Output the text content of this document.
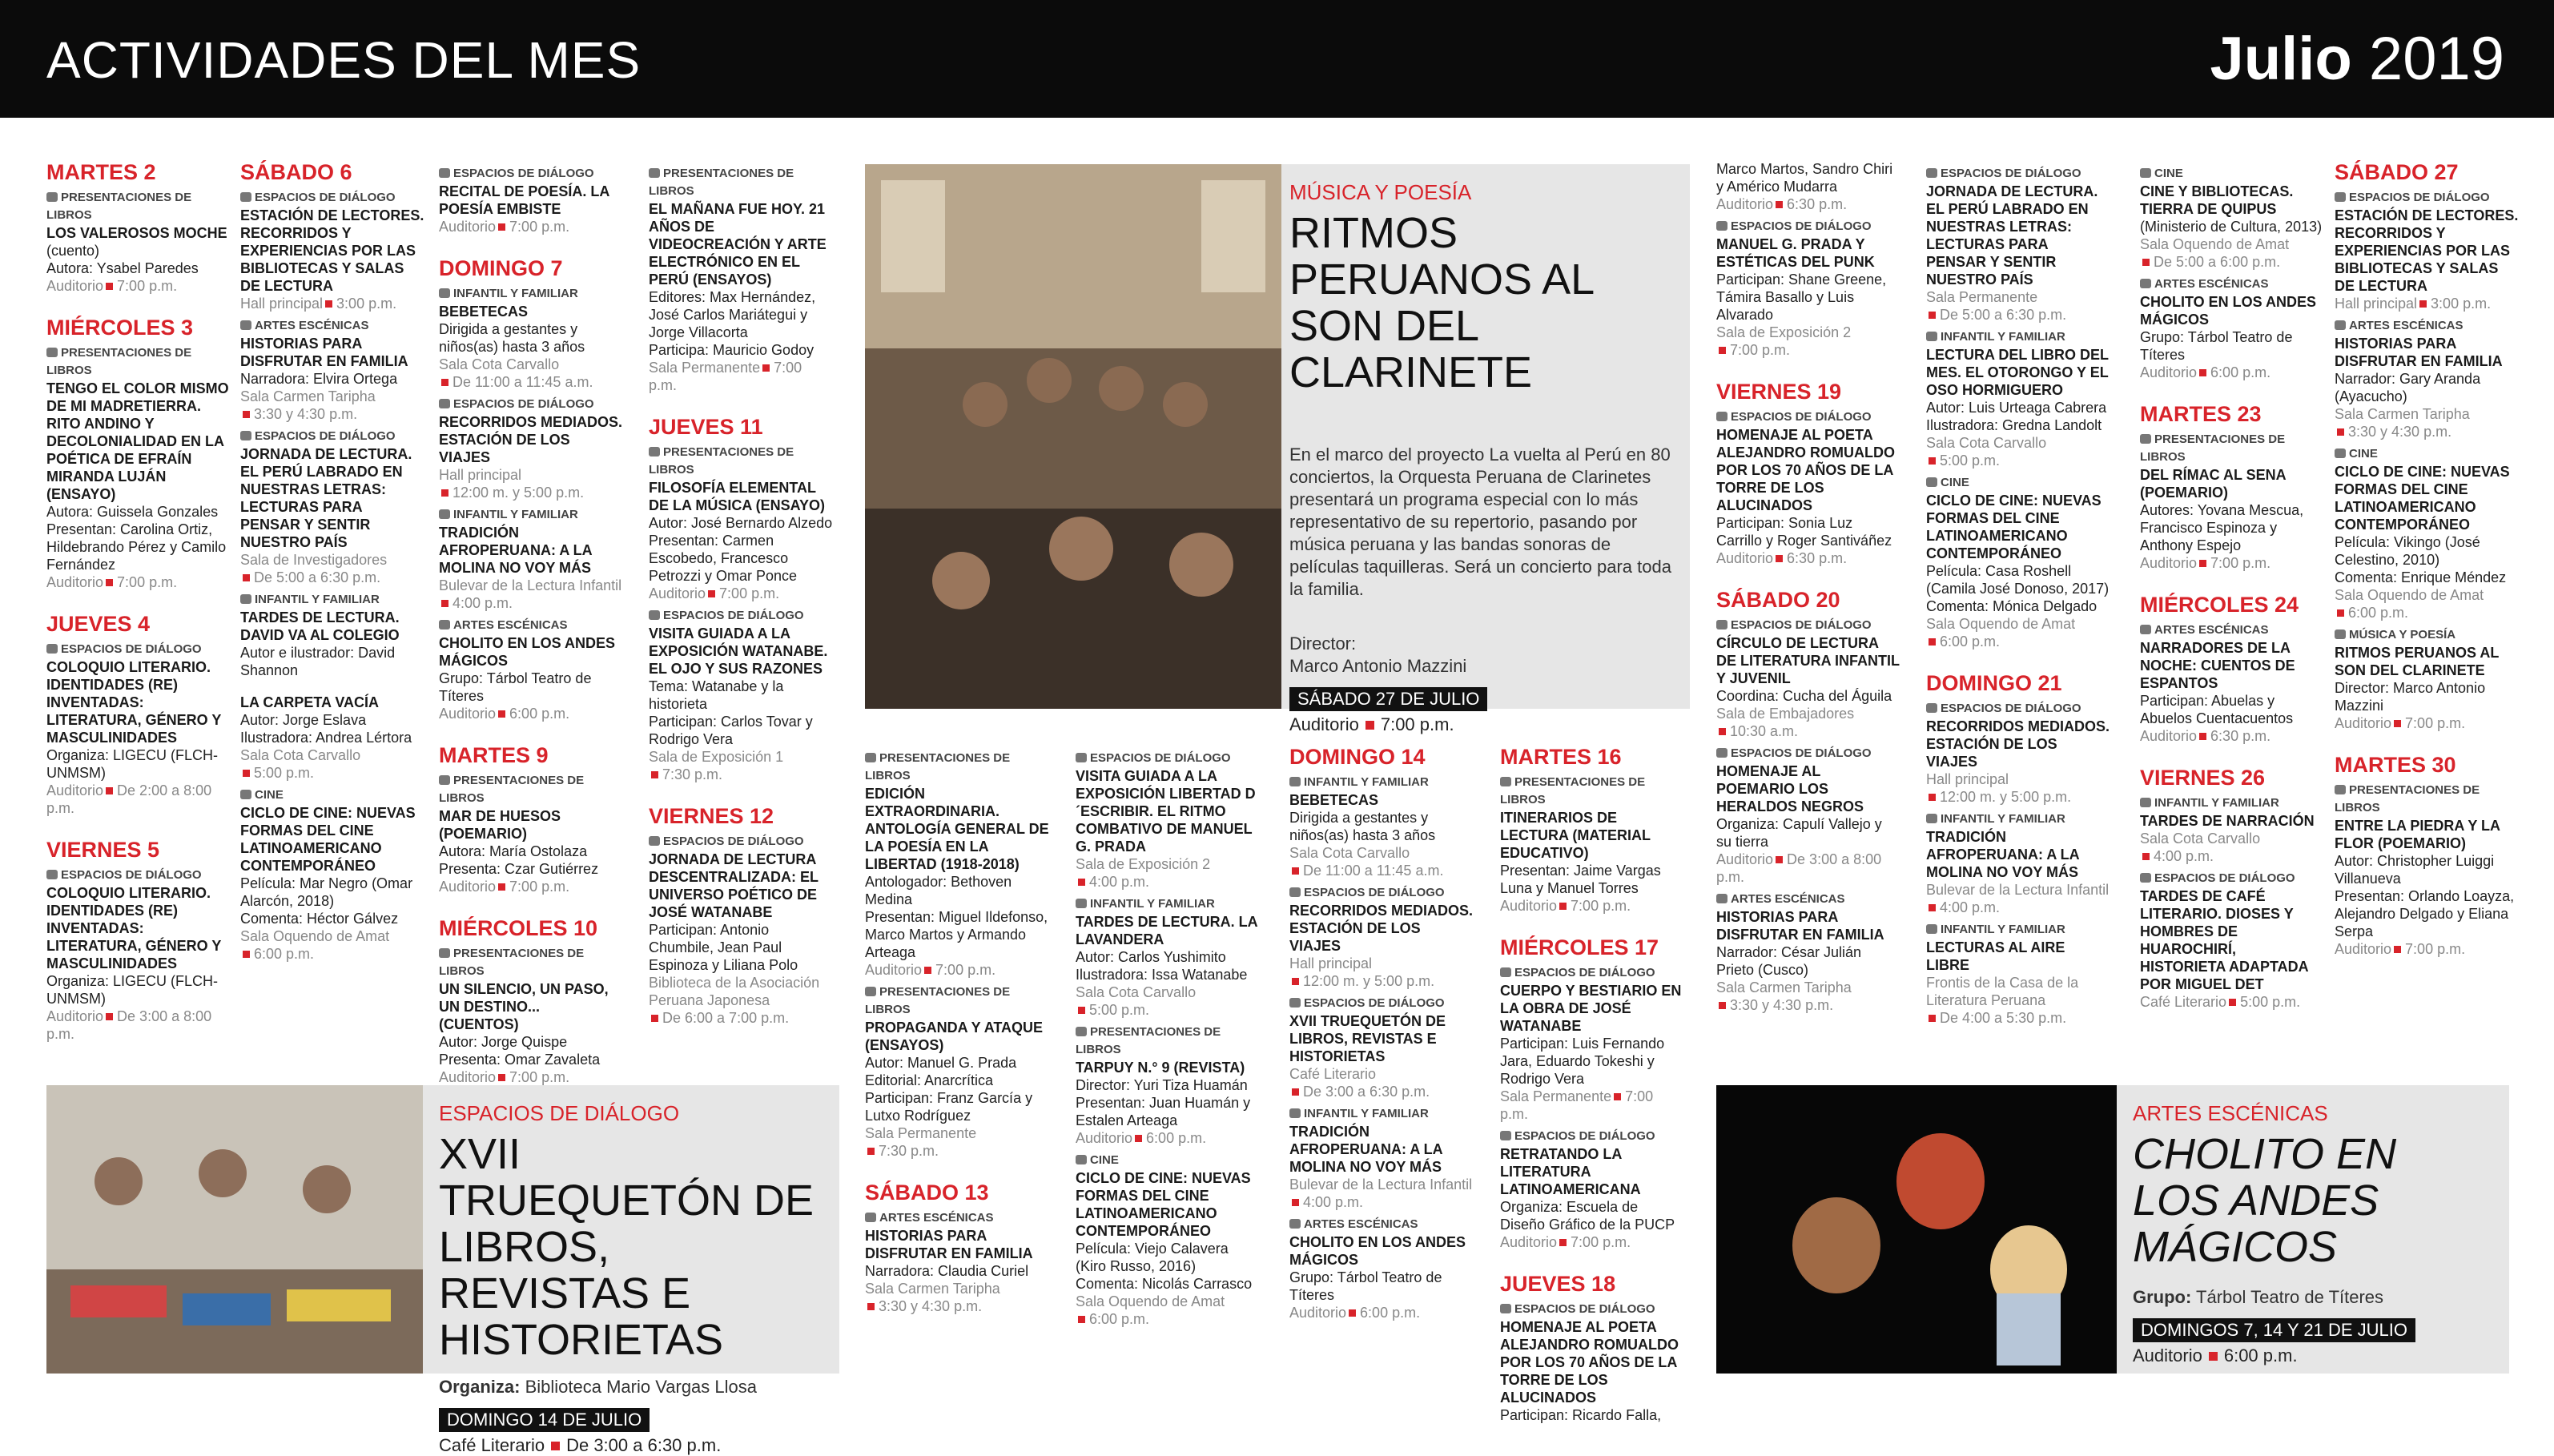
ACTIVIDADES DEL MES	Julio 2019
MARTES 2
PRESENTACIONES DE LIBROS
LOS VALEROSOS MOCHE
(cuento)
Autora: Ysabel Paredes
Auditorio 7:00 p.m.
MIÉRCOLES 3
PRESENTACIONES DE LIBROS
TENGO EL COLOR MISMO DE MI MADRETIERRA. RITO ANDINO Y DECOLONIALIDAD EN LA POÉTICA DE EFRAÍN MIRANDA LUJÁN (ENSAYO)
Autora: Guissela Gonzales
Presentan: Carolina Ortiz, Hildebrando Pérez y Camilo Fernández
Auditorio 7:00 p.m.
JUEVES 4
ESPACIOS DE DIÁLOGO
COLOQUIO LITERARIO. IDENTIDADES (RE) INVENTADAS: LITERATURA, GÉNERO Y MASCULINIDADES
Organiza: LIGECU (FLCH-UNMSM)
Auditorio De 2:00 a 8:00 p.m.
VIERNES 5
ESPACIOS DE DIÁLOGO
COLOQUIO LITERARIO. IDENTIDADES (RE) INVENTADAS: LITERATURA, GÉNERO Y MASCULINIDADES
Organiza: LIGECU (FLCH-UNMSM)
Auditorio De 3:00 a 8:00 p.m.
SÁBADO 6
ESPACIOS DE DIÁLOGO
ESTACIÓN DE LECTORES. RECORRIDOS Y EXPERIENCIAS POR LAS BIBLIOTECAS Y SALAS DE LECTURA
Hall principal 3:00 p.m.
ARTES ESCÉNICAS
HISTORIAS PARA DISFRUTAR EN FAMILIA
Narradora: Elvira Ortega
Sala Carmen Taripha
3:30 y 4:30 p.m.
ESPACIOS DE DIÁLOGO
JORNADA DE LECTURA. EL PERÚ LABRADO EN NUESTRAS LETRAS: LECTURAS PARA PENSAR Y SENTIR NUESTRO PAÍS
Sala de Investigadores
De 5:00 a 6:30 p.m.
INFANTIL Y FAMILIAR
TARDES DE LECTURA. DAVID VA AL COLEGIO
Autor e ilustrador: David Shannon
LA CARPETA VACÍA
Autor: Jorge Eslava
Ilustradora: Andrea Lértora
Sala Cota Carvallo
5:00 p.m.
CINE
CICLO DE CINE: NUEVAS FORMAS DEL CINE LATINOAMERICANO CONTEMPORÁNEO
Película: Mar Negro (Omar Alarcón, 2018)
Comenta: Héctor Gálvez
Sala Oquendo de Amat
6:00 p.m.
ESPACIOS DE DIÁLOGO
RECITAL DE POESÍA. LA POESÍA EMBISTE
Auditorio 7:00 p.m.
DOMINGO 7
INFANTIL Y FAMILIAR
BEBETECAS
Dirigida a gestantes y niños(as) hasta 3 años
Sala Cota Carvallo
De 11:00 a 11:45 a.m.
ESPACIOS DE DIÁLOGO
RECORRIDOS MEDIADOS. ESTACIÓN DE LOS VIAJES
Hall principal
12:00 m. y 5:00 p.m.
INFANTIL Y FAMILIAR
TRADICIÓN AFROPERUANA: A LA MOLINA NO VOY MÁS
Bulevar de la Lectura Infantil
4:00 p.m.
ARTES ESCÉNICAS
CHOLITO EN LOS ANDES MÁGICOS
Grupo: Tárbol Teatro de Títeres
Auditorio 6:00 p.m.
MARTES 9
PRESENTACIONES DE LIBROS
MAR DE HUESOS (POEMARIO)
Autora: María Ostolaza
Presenta: Czar Gutiérrez
Auditorio 7:00 p.m.
MIÉRCOLES 10
PRESENTACIONES DE LIBROS
UN SILENCIO, UN PASO, UN DESTINO... (CUENTOS)
Autor: Jorge Quispe
Presenta: Omar Zavaleta
Auditorio 7:00 p.m.
PRESENTACIONES DE LIBROS
EL MAÑANA FUE HOY. 21 AÑOS DE VIDEOCREACIÓN Y ARTE ELECTRÓNICO EN EL PERÚ (ENSAYOS)
Editores: Max Hernández, José Carlos Mariátegui y Jorge Villacorta
Participa: Mauricio Godoy
Sala Permanente 7:00 p.m.
JUEVES 11
PRESENTACIONES DE LIBROS
FILOSOFÍA ELEMENTAL DE LA MÚSICA (ENSAYO)
Autor: José Bernardo Alzedo
Presentan: Carmen Escobedo, Francesco Petrozzi y Omar Ponce
Auditorio 7:00 p.m.
ESPACIOS DE DIÁLOGO
VISITA GUIADA A LA EXPOSICIÓN WATANABE. EL OJO Y SUS RAZONES
Tema: Watanabe y la historieta
Participan: Carlos Tovar y Rodrigo Vera
Sala de Exposición 1
7:30 p.m.
VIERNES 12
ESPACIOS DE DIÁLOGO
JORNADA DE LECTURA DESCENTRALIZADA: EL UNIVERSO POÉTICO DE JOSÉ WATANABE
Participan: Antonio Chumbile, Jean Paul Espinoza y Liliana Polo
Biblioteca de la Asociación Peruana Japonesa
De 6:00 a 7:00 p.m.
PRESENTACIONES DE LIBROS
EDICIÓN EXTRAORDINARIA. ANTOLOGÍA GENERAL DE LA POESÍA EN LA LIBERTAD (1918-2018)
Antologador: Bethoven Medina
Presentan: Miguel Ildefonso, Marco Martos y Armando Arteaga
Auditorio 7:00 p.m.
PRESENTACIONES DE LIBROS
PROPAGANDA Y ATAQUE (ENSAYOS)
Autor: Manuel G. Prada
Editorial: Anarcrítica
Participan: Franz García y Lutxo Rodríguez
Sala Permanente
7:30 p.m.
SÁBADO 13
ARTES ESCÉNICAS
HISTORIAS PARA DISFRUTAR EN FAMILIA
Narradora: Claudia Curiel
Sala Carmen Taripha
3:30 y 4:30 p.m.
ESPACIOS DE DIÁLOGO
VISITA GUIADA A LA EXPOSICIÓN LIBERTAD D´ESCRIBIR. EL RITMO COMBATIVO DE MANUEL G. PRADA
Sala de Exposición 2
4:00 p.m.
INFANTIL Y FAMILIAR
TARDES DE LECTURA. LA LAVANDERA
Autor: Carlos Yushimito
Ilustradora: Issa Watanabe
Sala Cota Carvallo
5:00 p.m.
PRESENTACIONES DE LIBROS
TARPUY N.° 9 (REVISTA)
Director: Yuri Tiza Huamán
Presentan: Juan Huamán y Estalen Arteaga
Auditorio 6:00 p.m.
CINE
CICLO DE CINE: NUEVAS FORMAS DEL CINE LATINOAMERICANO CONTEMPORÁNEO
Película: Viejo Calavera (Kiro Russo, 2016)
Comenta: Nicolás Carrasco
Sala Oquendo de Amat
6:00 p.m.
DOMINGO 14
INFANTIL Y FAMILIAR
BEBETECAS
Dirigida a gestantes y niños(as) hasta 3 años
Sala Cota Carvallo
De 11:00 a 11:45 a.m.
ESPACIOS DE DIÁLOGO
RECORRIDOS MEDIADOS. ESTACIÓN DE LOS VIAJES
Hall principal
12:00 m. y 5:00 p.m.
ESPACIOS DE DIÁLOGO
XVII TRUEQUETÓN DE LIBROS, REVISTAS E HISTORIETAS
Café Literario
De 3:00 a 6:30 p.m.
INFANTIL Y FAMILIAR
TRADICIÓN AFROPERUANA: A LA MOLINA NO VOY MÁS
Bulevar de la Lectura Infantil
4:00 p.m.
ARTES ESCÉNICAS
CHOLITO EN LOS ANDES MÁGICOS
Grupo: Tárbol Teatro de Títeres
Auditorio 6:00 p.m.
MARTES 16
PRESENTACIONES DE LIBROS
ITINERARIOS DE LECTURA (MATERIAL EDUCATIVO)
Presentan: Jaime Vargas Luna y Manuel Torres
Auditorio 7:00 p.m.
MIÉRCOLES 17
ESPACIOS DE DIÁLOGO
CUERPO Y BESTIARIO EN LA OBRA DE JOSÉ WATANABE
Participan: Luis Fernando Jara, Eduardo Tokeshi y Rodrigo Vera
Sala Permanente 7:00 p.m.
ESPACIOS DE DIÁLOGO
RETRATANDO LA LITERATURA LATINOAMERICANA
Organiza: Escuela de Diseño Gráfico de la PUCP
Auditorio 7:00 p.m.
JUEVES 18
ESPACIOS DE DIÁLOGO
HOMENAJE AL POETA ALEJANDRO ROMUALDO POR LOS 70 AÑOS DE LA TORRE DE LOS ALUCINADOS
Participan: Ricardo Falla,
Marco Martos, Sandro Chiri y Américo Mudarra
Auditorio 6:30 p.m.
ESPACIOS DE DIÁLOGO
MANUEL G. PRADA Y ESTÉTICAS DEL PUNK
Participan: Shane Greene, Támira Basallo y Luis Alvarado
Sala de Exposición 2
7:00 p.m.
VIERNES 19
ESPACIOS DE DIÁLOGO
HOMENAJE AL POETA ALEJANDRO ROMUALDO POR LOS 70 AÑOS DE LA TORRE DE LOS ALUCINADOS
Participan: Sonia Luz Carrillo y Roger Santiváñez
Auditorio 6:30 p.m.
SÁBADO 20
ESPACIOS DE DIÁLOGO
CÍRCULO DE LECTURA DE LITERATURA INFANTIL Y JUVENIL
Coordina: Cucha del Águila
Sala de Embajadores
10:30 a.m.
ESPACIOS DE DIÁLOGO
HOMENAJE AL POEMARIO LOS HERALDOS NEGROS
Organiza: Capulí Vallejo y su tierra
Auditorio De 3:00 a 8:00 p.m.
ARTES ESCÉNICAS
HISTORIAS PARA DISFRUTAR EN FAMILIA
Narrador: César Julián Prieto (Cusco)
Sala Carmen Taripha
3:30 y 4:30 p.m.
ESPACIOS DE DIÁLOGO
JORNADA DE LECTURA. EL PERÚ LABRADO EN NUESTRAS LETRAS: LECTURAS PARA PENSAR Y SENTIR NUESTRO PAÍS
Sala Permanente
De 5:00 a 6:30 p.m.
INFANTIL Y FAMILIAR
LECTURA DEL LIBRO DEL MES. EL OTORONGO Y EL OSO HORMIGUERO
Autor: Luis Urteaga Cabrera
Ilustradora: Gredna Landolt
Sala Cota Carvallo
5:00 p.m.
CINE
CICLO DE CINE: NUEVAS FORMAS DEL CINE LATINOAMERICANO CONTEMPORÁNEO
Película: Casa Roshell (Camila José Donoso, 2017)
Comenta: Mónica Delgado
Sala Oquendo de Amat
6:00 p.m.
DOMINGO 21
ESPACIOS DE DIÁLOGO
RECORRIDOS MEDIADOS. ESTACIÓN DE LOS VIAJES
Hall principal
12:00 m. y 5:00 p.m.
INFANTIL Y FAMILIAR
TRADICIÓN AFROPERUANA: A LA MOLINA NO VOY MÁS
Bulevar de la Lectura Infantil
4:00 p.m.
INFANTIL Y FAMILIAR
LECTURAS AL AIRE LIBRE
Frontis de la Casa de la Literatura Peruana
De 4:00 a 5:30 p.m.
CINE
CINE Y BIBLIOTECAS. TIERRA DE QUIPUS
(Ministerio de Cultura, 2013)
Sala Oquendo de Amat
De 5:00 a 6:00 p.m.
ARTES ESCÉNICAS
CHOLITO EN LOS ANDES MÁGICOS
Grupo: Tárbol Teatro de Títeres
Auditorio 6:00 p.m.
MARTES 23
PRESENTACIONES DE LIBROS
DEL RÍMAC AL SENA (POEMARIO)
Autores: Yovana Mescua, Francisco Espinoza y Anthony Espejo
Auditorio 7:00 p.m.
MIÉRCOLES 24
ARTES ESCÉNICAS
NARRADORES DE LA NOCHE: CUENTOS DE ESPANTOS
Participan: Abuelas y Abuelos Cuentacuentos
Auditorio 6:30 p.m.
VIERNES 26
INFANTIL Y FAMILIAR
TARDES DE NARRACIÓN
Sala Cota Carvallo
4:00 p.m.
ESPACIOS DE DIÁLOGO
TARDES DE CAFÉ LITERARIO. DIOSES Y HOMBRES DE HUAROCHIRÍ, HISTORIETA ADAPTADA POR MIGUEL DET
Café Literario 5:00 p.m.
SÁBADO 27
ESPACIOS DE DIÁLOGO
ESTACIÓN DE LECTORES. RECORRIDOS Y EXPERIENCIAS POR LAS BIBLIOTECAS Y SALAS DE LECTURA
Hall principal 3:00 p.m.
ARTES ESCÉNICAS
HISTORIAS PARA DISFRUTAR EN FAMILIA
Narrador: Gary Aranda (Ayacucho)
Sala Carmen Taripha
3:30 y 4:30 p.m.
CINE
CICLO DE CINE: NUEVAS FORMAS DEL CINE LATINOAMERICANO CONTEMPORÁNEO
Película: Vikingo (José Celestino, 2010)
Comenta: Enrique Méndez
Sala Oquendo de Amat
6:00 p.m.
MÚSICA Y POESÍA
RITMOS PERUANOS AL SON DEL CLARINETE
Director: Marco Antonio Mazzini
Auditorio 7:00 p.m.
MARTES 30
PRESENTACIONES DE LIBROS
ENTRE LA PIEDRA Y LA FLOR (POEMARIO)
Autor: Christopher Luiggi Villanueva
Presentan: Orlando Loayza, Alejandro Delgado y Eliana Serpa
Auditorio 7:00 p.m.
MÚSICA Y POESÍA
RITMOS PERUANOS AL SON DEL CLARINETE
En el marco del proyecto La vuelta al Perú en 80 conciertos, la Orquesta Peruana de Clarinetes presentará un programa especial con lo más representativo de su repertorio, pasando por música peruana y las bandas sonoras de películas taquilleras. Será un concierto para toda la familia.
Director:
Marco Antonio Mazzini
SÁBADO 27 DE JULIO
Auditorio 7:00 p.m.
ESPACIOS DE DIÁLOGO
XVII TRUEQUETÓN DE LIBROS, REVISTAS E HISTORIETAS
Organiza: Biblioteca Mario Vargas Llosa
DOMINGO 14 DE JULIO
Café Literario De 3:00 a 6:30 p.m.
ARTES ESCÉNICAS
CHOLITO EN LOS ANDES MÁGICOS
Grupo: Tárbol Teatro de Títeres
DOMINGOS 7, 14 Y 21 DE JULIO
Auditorio 6:00 p.m.
